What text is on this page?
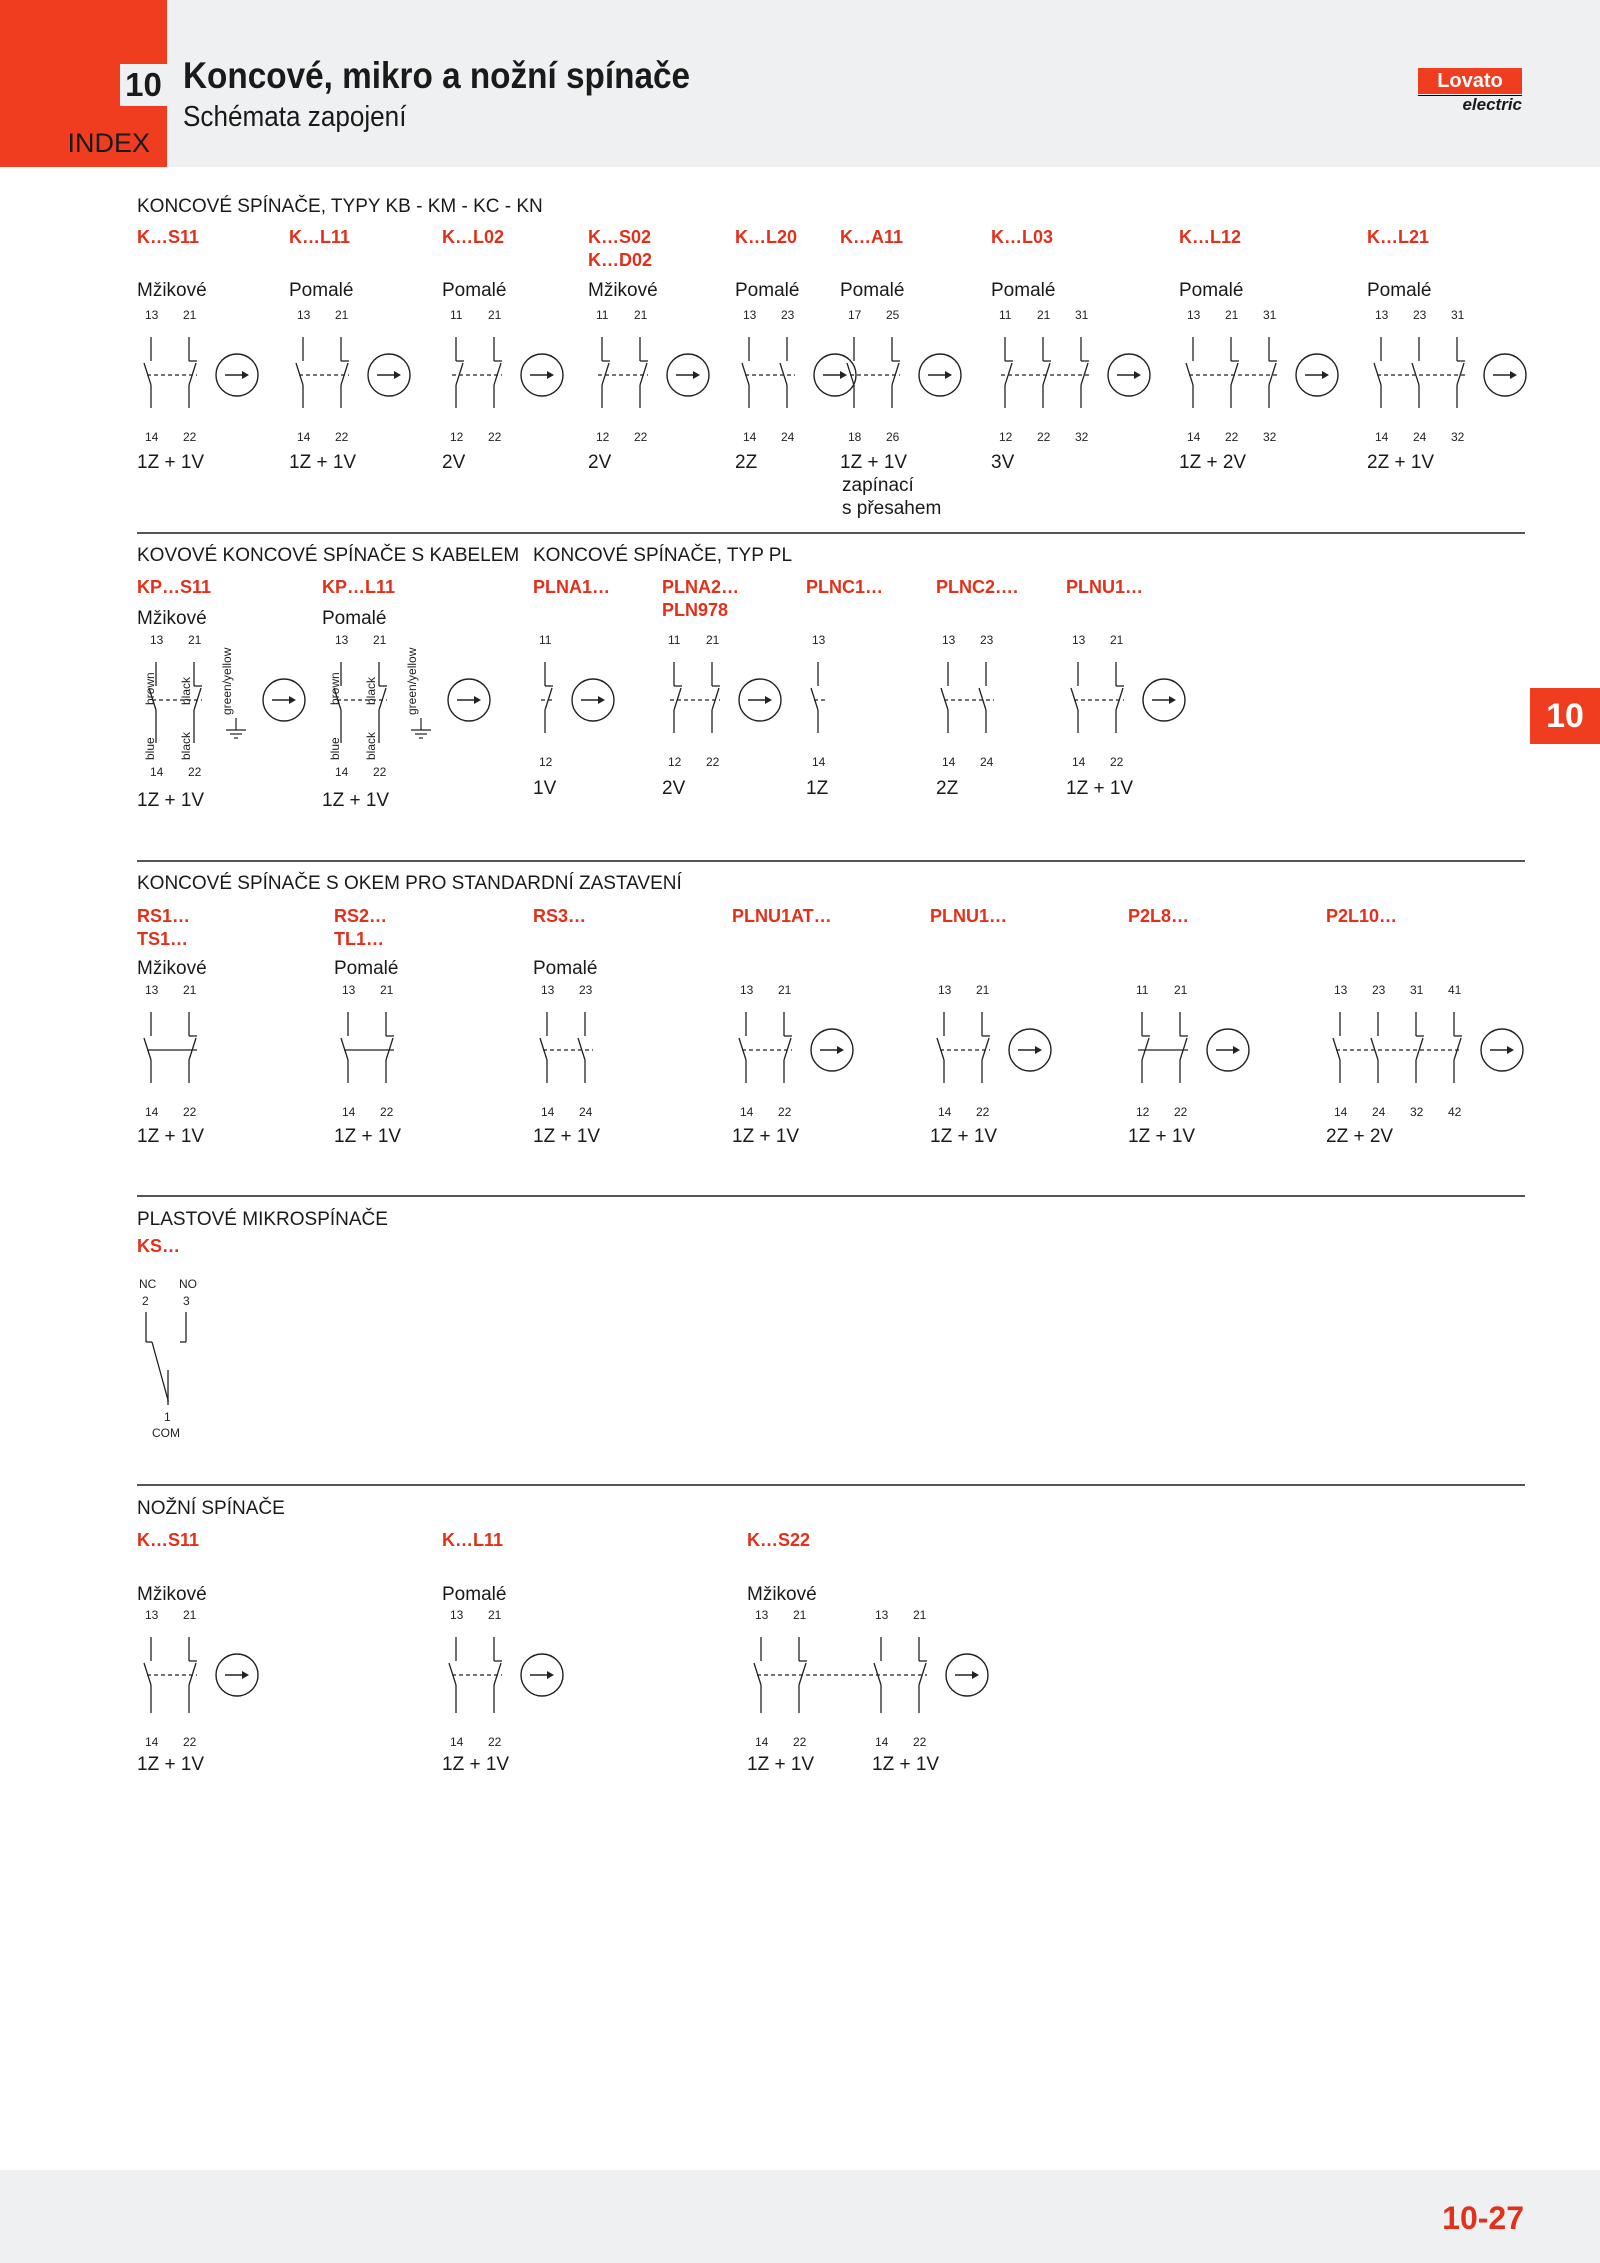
10
INDEX
Koncové, mikro a nožní spínače
Schémata zapojení
Lovato
electric
10
KONCOVÉ SPÍNAČE, TYPY KB - KM - KC - KN
KOVOVÉ KONCOVÉ SPÍNAČE S KABELEM KONCOVÉ SPÍNAČE, TYP PL
KONCOVÉ SPÍNAČE S OKEM PRO STANDARDNÍ ZASTAVENÍ
PLASTOVÉ MIKROSPÍNAČE
KS…
NC NO
2	3
1
COM
NOŽNÍ SPÍNAČE
K…S11
Mžikové
13
14
21
22
1Z + 1V
K…L11
Pomalé
13
14
21
22
1Z + 1V
K…L02
Pomalé
11
12
21
22
2V
K…S02
K…D02
Mžikové
11
12
21
22
2V
K…L20
Pomalé
13
14
23
24
2Z
K…A11
Pomalé
17
18
25
26
1Z + 1V
zapínací
s přesahem
K…L03
Pomalé
11
12
21
22
31
32
3V
K…L12
Pomalé
13
14
21
22
31
32
1Z + 2V
K…L21
Pomalé
13
14
23
24
31
32
2Z + 1V
KP…S11
Mžikové
13
14
21
22
brown black
blue black
green/yellow
1Z + 1V
KP…L11
Pomalé
13
14
21
22
brown black
blue black
green/yellow
1Z + 1V
PLNA1…
11
12
1V
PLNA2…
PLN978
11
12
21
22
2V
PLNC1…
13
14
1Z
PLNC2….
13
14
23
24
2Z
PLNU1…
13
14
21
22
1Z + 1V
RS1…
TS1…
Mžikové
13
14
21
22
1Z + 1V
RS2…
TL1…
Pomalé
13
14
21
22
1Z + 1V
RS3…
Pomalé
13
14
23
24
1Z + 1V
PLNU1AT…
13
14
21
22
1Z + 1V
PLNU1…
13
14
21
22
1Z + 1V
P2L8…
11
12
21
22
1Z + 1V
P2L10…
13
14
23
24
31
32
41
42
2Z + 2V
K…S11
Mžikové
13
14
21
22
1Z + 1V
K…L11
Pomalé
13
14
21
22
1Z + 1V
K…S22
Mžikové
13
14
21
22
13
14
21
22
1Z + 1V	1Z + 1V
10-27
